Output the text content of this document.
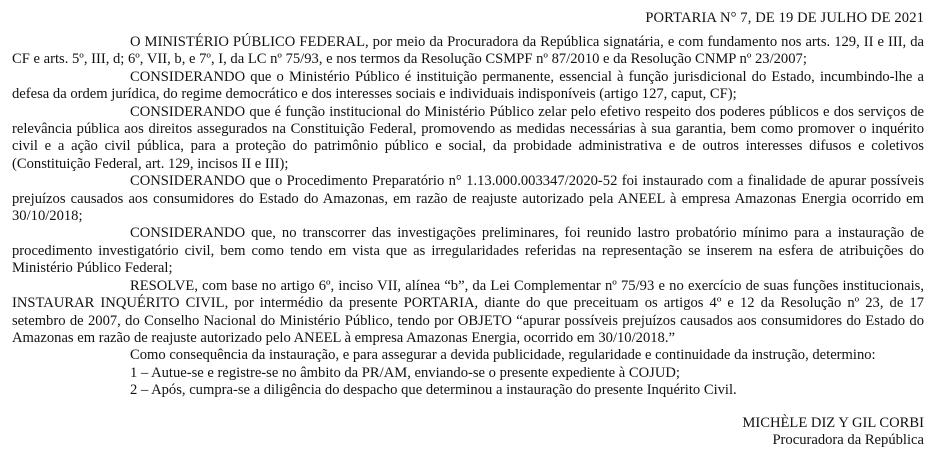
PORTARIA N° 7, DE 19 DE JULHO DE 2021

O MINISTÉRIO PÚBLICO FEDERAL, por meio da Procuradora da República signatária, e com fundamento nos arts. 129, II e III, da CF e arts. 5º, III, d; 6º, VII, b, e 7º, I, da LC nº 75/93, e nos termos da Resolução CSMPF nº 87/2010 e da Resolução CNMP nº 23/2007;

CONSIDERANDO que o Ministério Público é instituição permanente, essencial à função jurisdicional do Estado, incumbindo-lhe a defesa da ordem jurídica, do regime democrático e dos interesses sociais e individuais indisponíveis (artigo 127, caput, CF);

CONSIDERANDO que é função institucional do Ministério Público zelar pelo efetivo respeito dos poderes públicos e dos serviços de relevância pública aos direitos assegurados na Constituição Federal, promovendo as medidas necessárias à sua garantia, bem como promover o inquérito civil e a ação civil pública, para a proteção do patrimônio público e social, da probidade administrativa e de outros interesses difusos e coletivos (Constituição Federal, art. 129, incisos II e III);

CONSIDERANDO que o Procedimento Preparatório n° 1.13.000.003347/2020-52 foi instaurado com a finalidade de apurar possíveis prejuízos causados aos consumidores do Estado do Amazonas, em razão de reajuste autorizado pela ANEEL à empresa Amazonas Energia ocorrido em 30/10/2018;

CONSIDERANDO que, no transcorrer das investigações preliminares, foi reunido lastro probatório mínimo para a instauração de procedimento investigatório civil, bem como tendo em vista que as irregularidades referidas na representação se inserem na esfera de atribuições do Ministério Público Federal;

RESOLVE, com base no artigo 6º, inciso VII, alínea “b”, da Lei Complementar nº 75/93 e no exercício de suas funções institucionais, INSTAURAR INQUÉRITO CIVIL, por intermédio da presente PORTARIA, diante do que preceituam os artigos 4º e 12 da Resolução nº 23, de 17 setembro de 2007, do Conselho Nacional do Ministério Público, tendo por OBJETO “apurar possíveis prejuízos causados aos consumidores do Estado do Amazonas em razão de reajuste autorizado pelo ANEEL à empresa Amazonas Energia, ocorrido em 30/10/2018.”

Como consequência da instauração, e para assegurar a devida publicidade, regularidade e continuidade da instrução, determino:

1 – Autue-se e registre-se no âmbito da PR/AM, enviando-se o presente expediente à COJUD;

2 – Após, cumpra-se a diligência do despacho que determinou a instauração do presente Inquérito Civil.

MICHÈLE DIZ Y GIL CORBI
Procuradora da República
